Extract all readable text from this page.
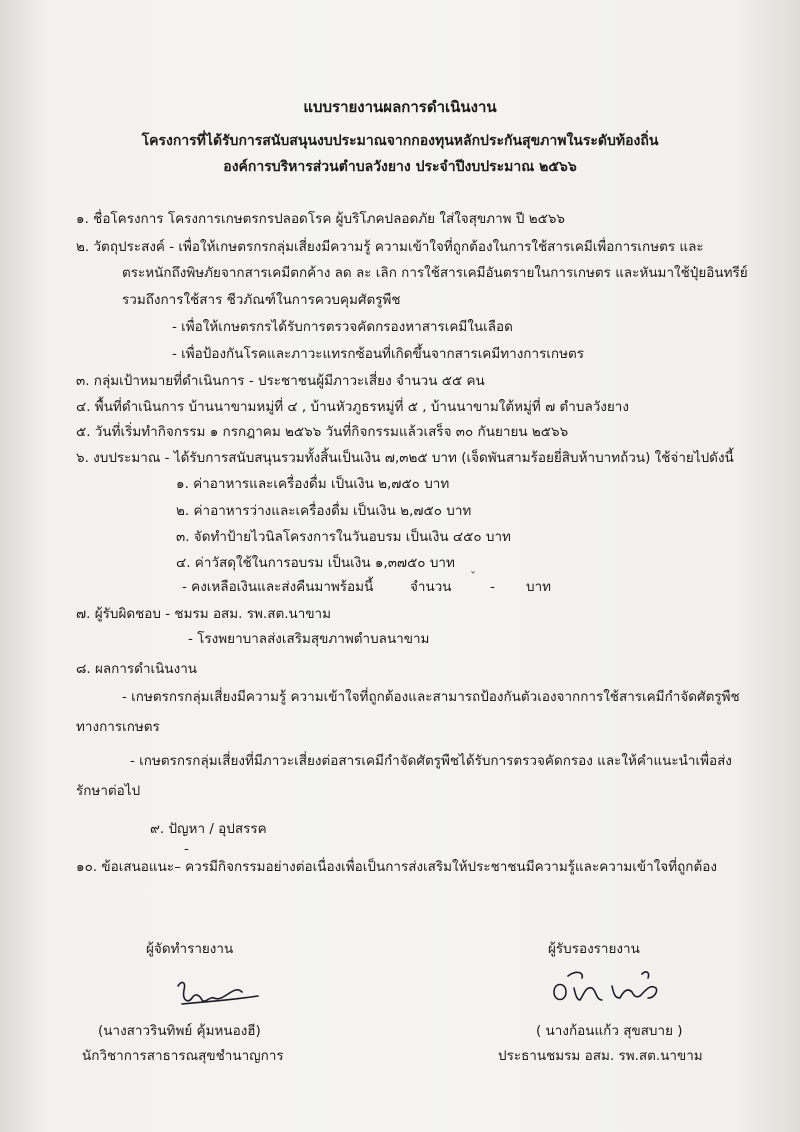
แบบรายงานผลการดำเนินงาน
โครงการที่ได้รับการสนับสนุนงบประมาณจากกองทุนหลักประกันสุขภาพในระดับท้องถิ่น
องค์การบริหารส่วนตำบลวังยาง ประจำปีงบประมาณ ๒๕๖๖
๑. ชื่อโครงการ โครงการเกษตรกรปลอดโรค ผู้บริโภคปลอดภัย ใส่ใจสุขภาพ ปี ๒๕๖๖
๒. วัตถุประสงค์ - เพื่อให้เกษตรกรกลุ่มเสี่ยงมีความรู้ ความเข้าใจที่ถูกต้องในการใช้สารเคมีเพื่อการเกษตร และ
ตระหนักถึงพิษภัยจากสารเคมีตกค้าง ลด ละ เลิก การใช้สารเคมีอันตรายในการเกษตร และหันมาใช้ปุ๋ยอินทรีย์
รวมถึงการใช้สาร ชีวภัณฑ์ในการควบคุมศัตรูพืช
- เพื่อให้เกษตรกรได้รับการตรวจคัดกรองหาสารเคมีในเลือด
- เพื่อป้องกันโรคและภาวะแทรกซ้อนที่เกิดขึ้นจากสารเคมีทางการเกษตร
๓. กลุ่มเป้าหมายที่ดำเนินการ - ประชาชนผู้มีภาวะเสี่ยง จำนวน ๕๕ คน
๔. พื้นที่ดำเนินการ บ้านนาขามหมู่ที่ ๔ , บ้านหัวภูธรหมู่ที่ ๕ , บ้านนาขามใต้หมู่ที่ ๗ ตำบลวังยาง
๕. วันที่เริ่มทำกิจกรรม ๑ กรกฎาคม ๒๕๖๖ วันที่กิจกรรมแล้วเสร็จ ๓๐ กันยายน ๒๕๖๖
๖. งบประมาณ - ได้รับการสนับสนุนรวมทั้งสิ้นเป็นเงิน ๗,๓๒๕ บาท (เจ็ดพันสามร้อยยี่สิบห้าบาทถ้วน) ใช้จ่ายไปดังนี้
๑. ค่าอาหารและเครื่องดื่ม เป็นเงิน ๒,๗๕๐ บาท
๒. ค่าอาหารว่างและเครื่องดื่ม เป็นเงิน ๒,๗๕๐ บาท
๓. จัดทำป้ายไวนิลโครงการในวันอบรม เป็นเงิน ๔๕๐ บาท
๔. ค่าวัสดุใช้ในการอบรม เป็นเงิน ๑,๓๗๕๐ บาท
- คงเหลือเงินและส่งคืนมาพร้อมนี้	จำนวน
ˇ
- บาท
๗. ผู้รับผิดชอบ - ชมรม อสม. รพ.สต.นาขาม
- โรงพยาบาลส่งเสริมสุขภาพตำบลนาขาม
๘. ผลการดำเนินงาน
- เกษตรกรกลุ่มเสี่ยงมีความรู้ ความเข้าใจที่ถูกต้องและสามารถป้องกันตัวเองจากการใช้สารเคมีกำจัดศัตรูพืช
ทางการเกษตร
- เกษตรกรกลุ่มเสี่ยงที่มีภาวะเสี่ยงต่อสารเคมีกำจัดศัตรูพืชได้รับการตรวจคัดกรอง และให้คำแนะนำเพื่อส่ง
รักษาต่อไป
๙. ปัญหา / อุปสรรค
-
๑๐. ข้อเสนอแนะ– ควรมีกิจกรรมอย่างต่อเนื่องเพื่อเป็นการส่งเสริมให้ประชาชนมีความรู้และความเข้าใจที่ถูกต้อง
ผู้จัดทำรายงาน
(นางสาวรินทิพย์ คุ้มหนองฮี)
นักวิชาการสาธารณสุขชำนาญการ
ผู้รับรองรายงาน
( นางก้อนแก้ว สุขสบาย )
ประธานชมรม อสม. รพ.สต.นาขาม
